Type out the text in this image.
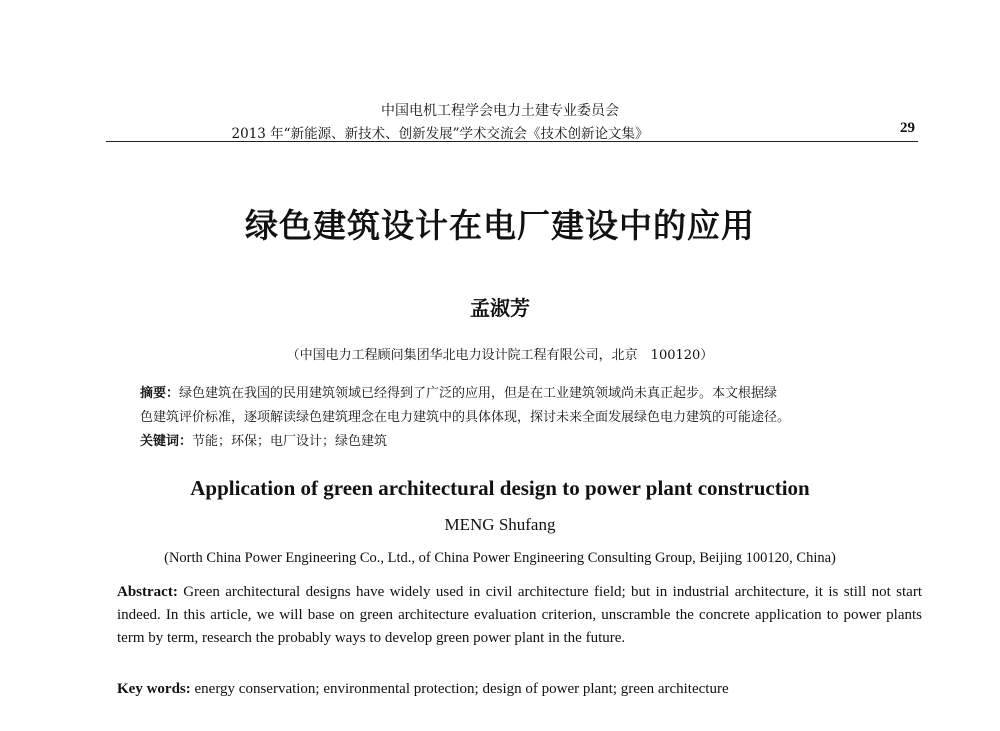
中国电机工程学会电力土建专业委员会
2013 年“新能源、新技术、创新发展”学术交流会《技术创新论文集》	29
绿色建筑设计在电厂建设中的应用
孟淑芳
（中国电力工程顾问集团华北电力设计院工程有限公司，北京　100120）
摘要：绿色建筑在我国的民用建筑领域已经得到了广泛的应用，但是在工业建筑领域尚未真正起步。本文根据绿
色建筑评价标准，逐项解读绿色建筑理念在电力建筑中的具体体现，探讨未来全面发展绿色电力建筑的可能途径。
关键词：节能；环保；电厂设计；绿色建筑
Application of green architectural design to power plant construction
MENG Shufang
(North China Power Engineering Co., Ltd., of China Power Engineering Consulting Group, Beijing 100120, China)
Abstract: Green architectural designs have widely used in civil architecture field; but in industrial architecture, it is still not start indeed. In this article, we will base on green architecture evaluation criterion, unscramble the concrete application to power plants term by term, research the probably ways to develop green power plant in the future.
Key words: energy conservation; environmental protection; design of power plant; green architecture
